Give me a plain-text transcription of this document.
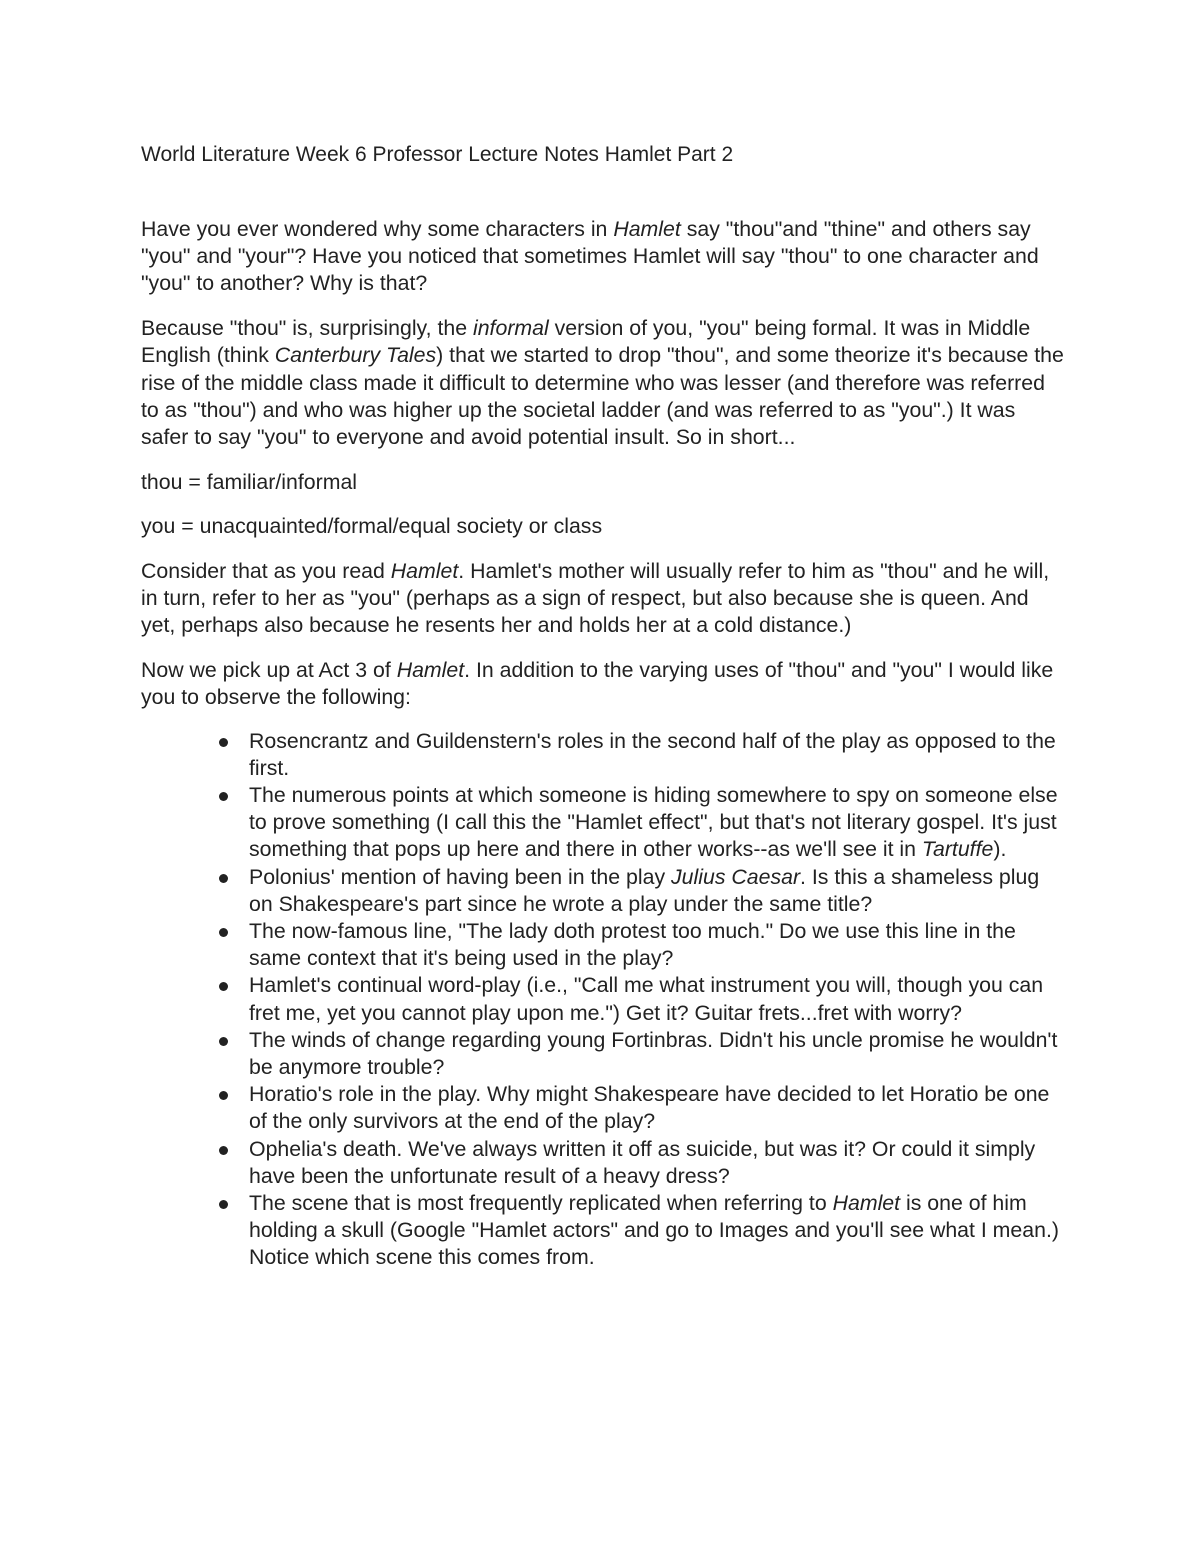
World Literature Week 6 Professor Lecture Notes Hamlet Part 2

Have you ever wondered why some characters in Hamlet say "thou"and "thine" and others say "you" and "your"? Have you noticed that sometimes Hamlet will say "thou" to one character and "you" to another? Why is that?

Because "thou" is, surprisingly, the informal version of you, "you" being formal. It was in Middle English (think Canterbury Tales) that we started to drop "thou", and some theorize it's because the rise of the middle class made it difficult to determine who was lesser (and therefore was referred to as "thou") and who was higher up the societal ladder (and was referred to as "you".) It was safer to say "you" to everyone and avoid potential insult. So in short...

thou = familiar/informal

you = unacquainted/formal/equal society or class

Consider that as you read Hamlet. Hamlet's mother will usually refer to him as "thou" and he will, in turn, refer to her as "you" (perhaps as a sign of respect, but also because she is queen. And yet, perhaps also because he resents her and holds her at a cold distance.)

Now we pick up at Act 3 of Hamlet. In addition to the varying uses of "thou" and "you" I would like you to observe the following:

Rosencrantz and Guildenstern's roles in the second half of the play as opposed to the first.
The numerous points at which someone is hiding somewhere to spy on someone else to prove something (I call this the "Hamlet effect", but that's not literary gospel. It's just something that pops up here and there in other works--as we'll see it in Tartuffe).
Polonius' mention of having been in the play Julius Caesar. Is this a shameless plug on Shakespeare's part since he wrote a play under the same title?
The now-famous line, "The lady doth protest too much." Do we use this line in the same context that it's being used in the play?
Hamlet's continual word-play (i.e., "Call me what instrument you will, though you can fret me, yet you cannot play upon me.") Get it? Guitar frets...fret with worry?
The winds of change regarding young Fortinbras. Didn't his uncle promise he wouldn't be anymore trouble?
Horatio's role in the play. Why might Shakespeare have decided to let Horatio be one of the only survivors at the end of the play?
Ophelia's death. We've always written it off as suicide, but was it? Or could it simply have been the unfortunate result of a heavy dress?
The scene that is most frequently replicated when referring to Hamlet is one of him holding a skull (Google "Hamlet actors" and go to Images and you'll see what I mean.) Notice which scene this comes from.
